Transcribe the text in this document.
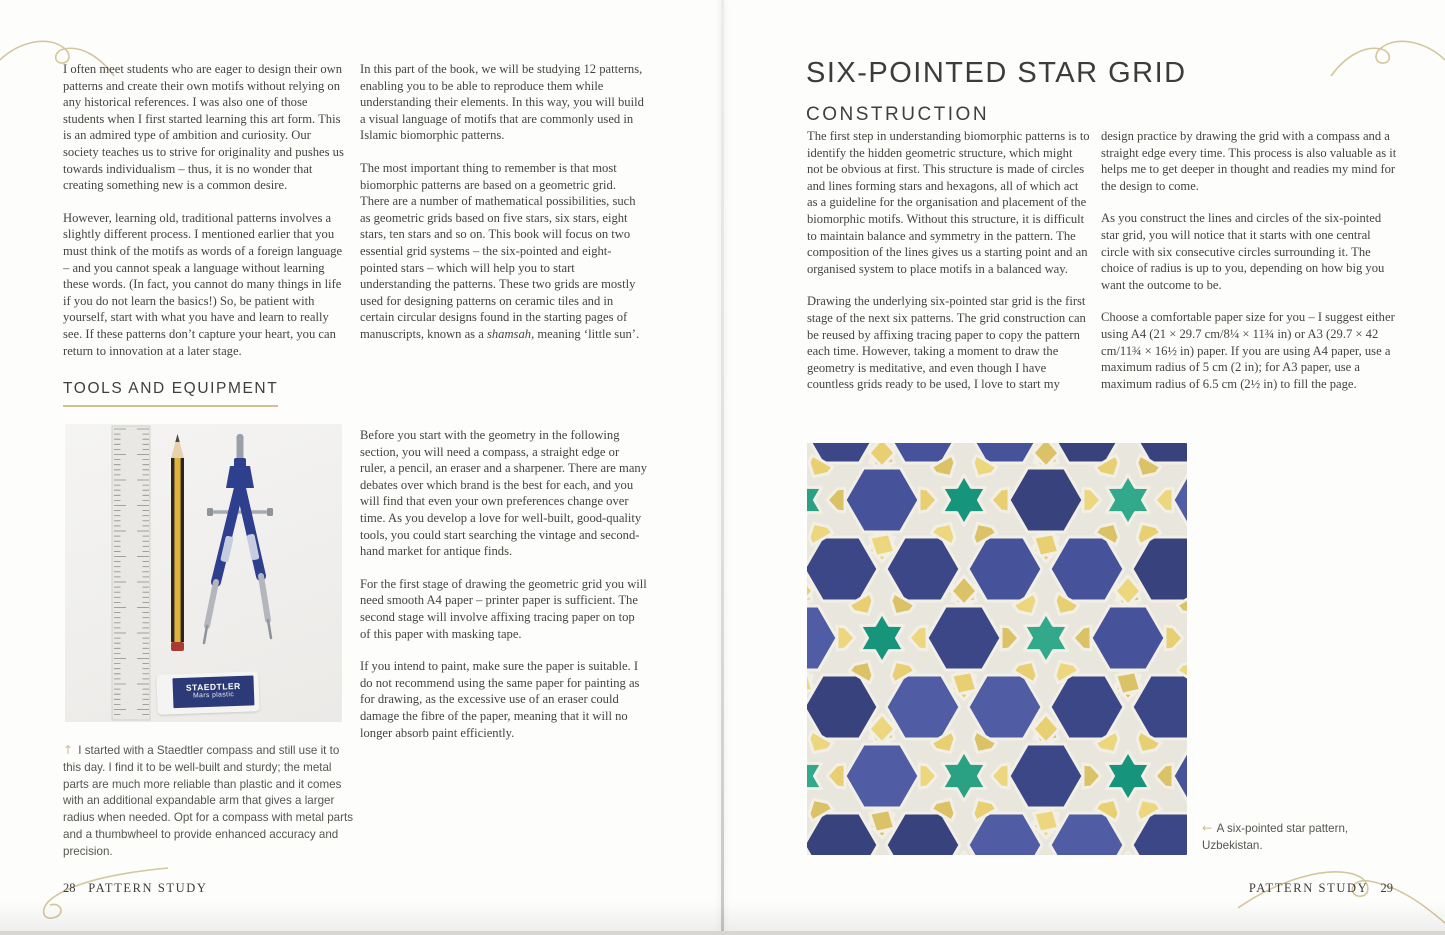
I often meet students who are eager to design their own patterns and create their own motifs without relying on any historical references. I was also one of those students when I first started learning this art form. This is an admired type of ambition and curiosity. Our society teaches us to strive for originality and pushes us towards individualism – thus, it is no wonder that creating something new is a common desire.

However, learning old, traditional patterns involves a slightly different process. I mentioned earlier that you must think of the motifs as words of a foreign language – and you cannot speak a language without learning these words. (In fact, you cannot do many things in life if you do not learn the basics!) So, be patient with yourself, start with what you have and learn to really see. If these patterns don’t capture your heart, you can return to innovation at a later stage.

In this part of the book, we will be studying 12 patterns, enabling you to be able to reproduce them while understanding their elements. In this way, you will build a visual language of motifs that are commonly used in Islamic biomorphic patterns.

The most important thing to remember is that most biomorphic patterns are based on a geometric grid. There are a number of mathematical possibilities, such as geometric grids based on five stars, six stars, eight stars, ten stars and so on. This book will focus on two essential grid systems – the six-pointed and eight-pointed stars – which will help you to start understanding the patterns. These two grids are mostly used for designing patterns on ceramic tiles and in certain circular designs found in the starting pages of manuscripts, known as a shamsah, meaning ‘little sun’.

TOOLS AND EQUIPMENT
STAEDTLER
Mars plastic

↑ I started with a Staedtler compass and still use it to this day. I find it to be well-built and sturdy; the metal parts are much more reliable than plastic and it comes with an additional expandable arm that gives a larger radius when needed. Opt for a compass with metal parts and a thumbwheel to provide enhanced accuracy and precision.

Before you start with the geometry in the following section, you will need a compass, a straight edge or ruler, a pencil, an eraser and a sharpener. There are many debates over which brand is the best for each, and you will find that even your own preferences change over time. As you develop a love for well-built, good-quality tools, you could start searching the vintage and second-hand market for antique finds.

For the first stage of drawing the geometric grid you will need smooth A4 paper – printer paper is sufficient. The second stage will involve affixing tracing paper on top of this paper with masking tape.

If you intend to paint, make sure the paper is suitable. I do not recommend using the same paper for painting as for drawing, as the excessive use of an eraser could damage the fibre of the paper, meaning that it will no longer absorb paint efficiently.

28 PATTERN STUDY
SIX-POINTED STAR GRID
CONSTRUCTION

The first step in understanding biomorphic patterns is to identify the hidden geometric structure, which might not be obvious at first. This structure is made of circles and lines forming stars and hexagons, all of which act as a guideline for the organisation and placement of the biomorphic motifs. Without this structure, it is difficult to maintain balance and symmetry in the pattern. The composition of the lines gives us a starting point and an organised system to place motifs in a balanced way.

Drawing the underlying six-pointed star grid is the first stage of the next six patterns. The grid construction can be reused by affixing tracing paper to copy the pattern each time. However, taking a moment to draw the geometry is meditative, and even though I have countless grids ready to be used, I love to start my

design practice by drawing the grid with a compass and a straight edge every time. This process is also valuable as it helps me to get deeper in thought and readies my mind for the design to come.

As you construct the lines and circles of the six-pointed star grid, you will notice that it starts with one central circle with six consecutive circles surrounding it. The choice of radius is up to you, depending on how big you want the outcome to be.

Choose a comfortable paper size for you – I suggest either using A4 (21 × 29.7 cm/8¼ × 11¾ in) or A3 (29.7 × 42 cm/11¾ × 16½ in) paper. If you are using A4 paper, use a maximum radius of 5 cm (2 in); for A3 paper, use a maximum radius of 6.5 cm (2½ in) to fill the page.

← A six-pointed star pattern, Uzbekistan.

PATTERN STUDY 29
